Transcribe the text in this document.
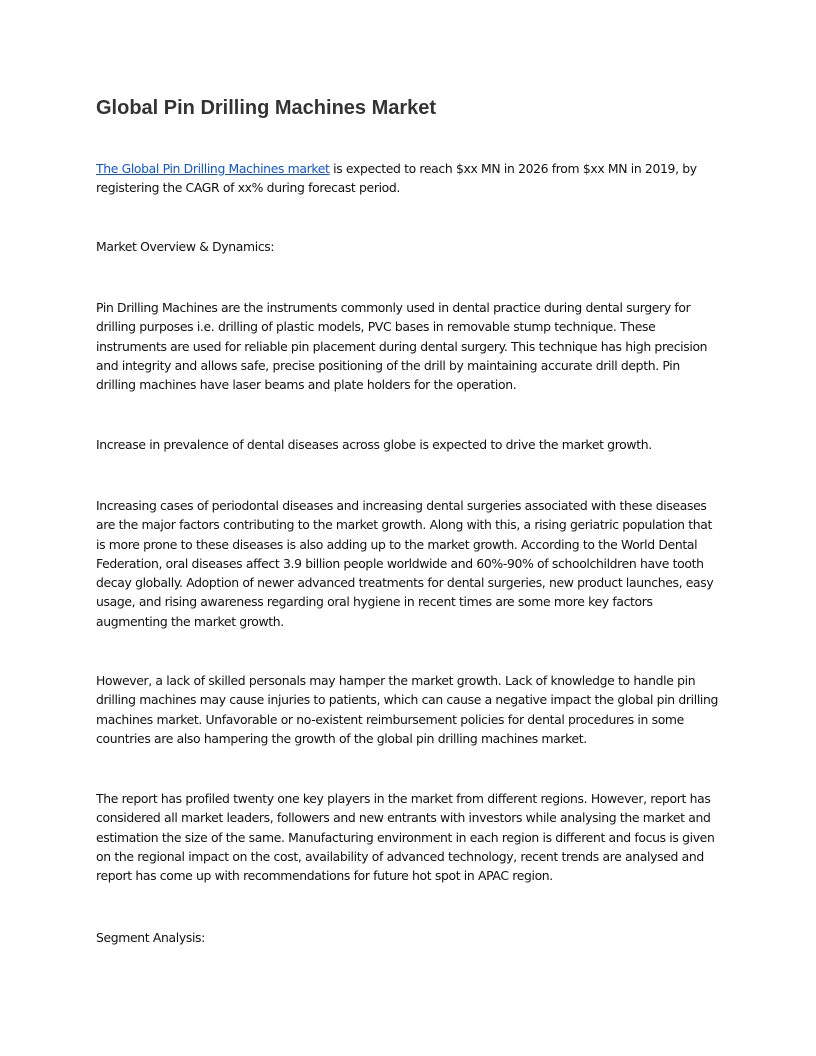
Global Pin Drilling Machines Market

The Global Pin Drilling Machines market is expected to reach $xx MN in 2026 from $xx MN in 2019, by registering the CAGR of xx% during forecast period.

Market Overview & Dynamics:

Pin Drilling Machines are the instruments commonly used in dental practice during dental surgery for drilling purposes i.e. drilling of plastic models, PVC bases in removable stump technique. These instruments are used for reliable pin placement during dental surgery. This technique has high precision and integrity and allows safe, precise positioning of the drill by maintaining accurate drill depth. Pin drilling machines have laser beams and plate holders for the operation.

Increase in prevalence of dental diseases across globe is expected to drive the market growth.

Increasing cases of periodontal diseases and increasing dental surgeries associated with these diseases are the major factors contributing to the market growth. Along with this, a rising geriatric population that is more prone to these diseases is also adding up to the market growth. According to the World Dental Federation, oral diseases affect 3.9 billion people worldwide and 60%-90% of schoolchildren have tooth decay globally. Adoption of newer advanced treatments for dental surgeries, new product launches, easy usage, and rising awareness regarding oral hygiene in recent times are some more key factors augmenting the market growth.

However, a lack of skilled personals may hamper the market growth. Lack of knowledge to handle pin drilling machines may cause injuries to patients, which can cause a negative impact the global pin drilling machines market. Unfavorable or no-existent reimbursement policies for dental procedures in some countries are also hampering the growth of the global pin drilling machines market.

The report has profiled twenty one key players in the market from different regions. However, report has considered all market leaders, followers and new entrants with investors while analysing the market and estimation the size of the same. Manufacturing environment in each region is different and focus is given on the regional impact on the cost, availability of advanced technology, recent trends are analysed and report has come up with recommendations for future hot spot in APAC region.

Segment Analysis:
